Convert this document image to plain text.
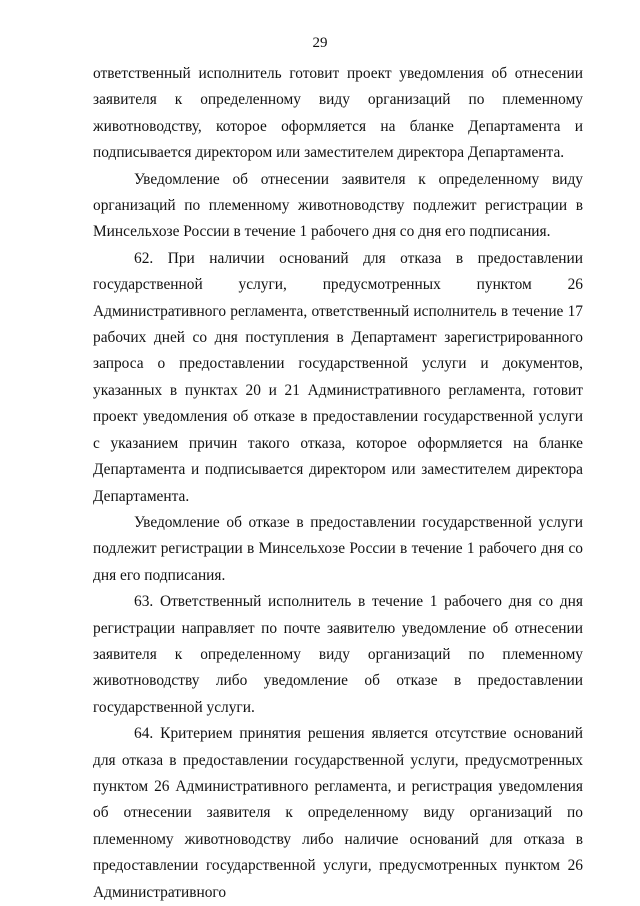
29

ответственный исполнитель готовит проект уведомления об отнесении заявителя к определенному виду организаций по племенному животноводству, которое оформляется на бланке Департамента и подписывается директором или заместителем директора Департамента.

Уведомление об отнесении заявителя к определенному виду организаций по племенному животноводству подлежит регистрации в Минсельхозе России в течение 1 рабочего дня со дня его подписания.

62. При наличии оснований для отказа в предоставлении государственной услуги, предусмотренных пунктом 26 Административного регламента, ответственный исполнитель в течение 17 рабочих дней со дня поступления в Департамент зарегистрированного запроса о предоставлении государственной услуги и документов, указанных в пунктах 20 и 21 Административного регламента, готовит проект уведомления об отказе в предоставлении государственной услуги с указанием причин такого отказа, которое оформляется на бланке Департамента и подписывается директором или заместителем директора Департамента.

Уведомление об отказе в предоставлении государственной услуги подлежит регистрации в Минсельхозе России в течение 1 рабочего дня со дня его подписания.

63. Ответственный исполнитель в течение 1 рабочего дня со дня регистрации направляет по почте заявителю уведомление об отнесении заявителя к определенному виду организаций по племенному животноводству либо уведомление об отказе в предоставлении государственной услуги.

64. Критерием принятия решения является отсутствие оснований для отказа в предоставлении государственной услуги, предусмотренных пунктом 26 Административного регламента, и регистрация уведомления об отнесении заявителя к определенному виду организаций по племенному животноводству либо наличие оснований для отказа в предоставлении государственной услуги, предусмотренных пунктом 26 Административного
